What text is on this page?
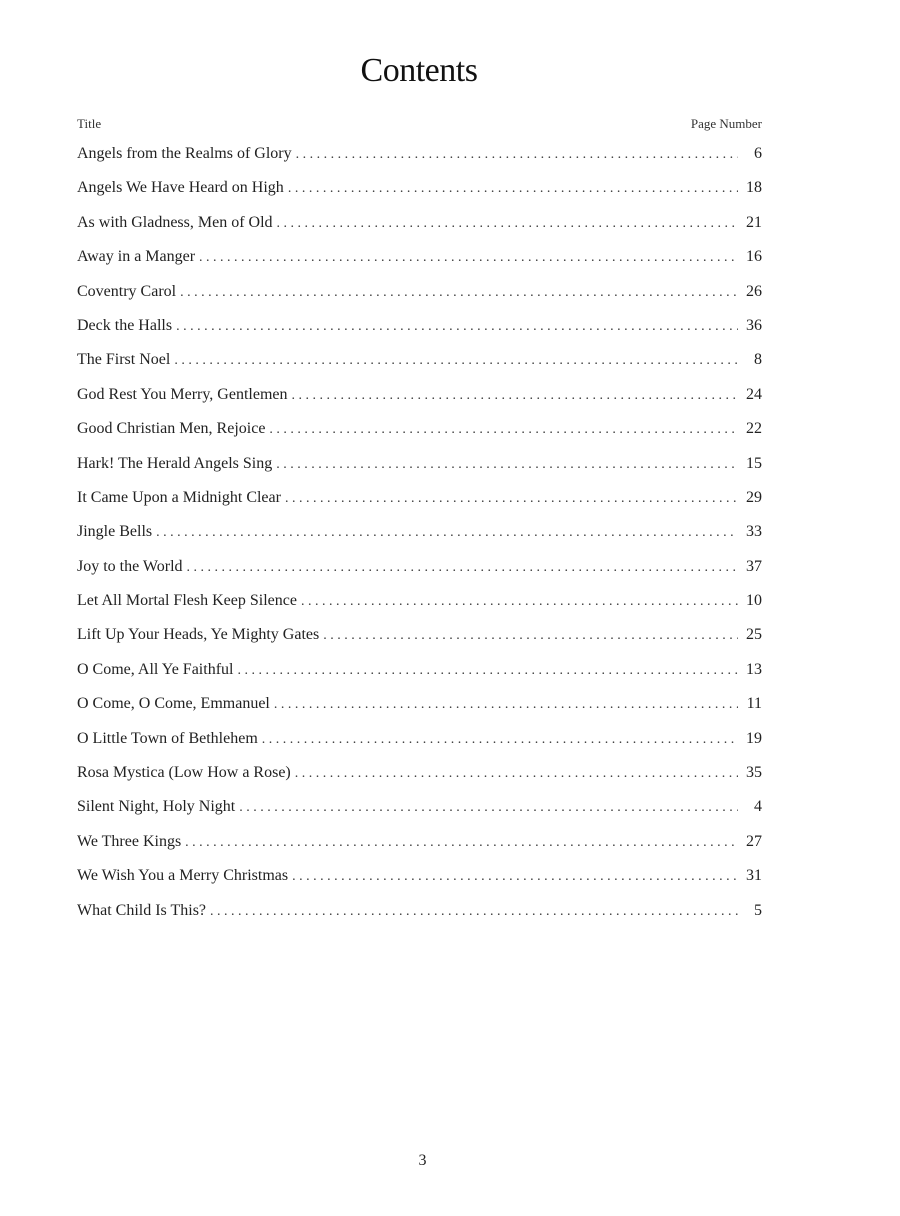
Contents
Title	Page Number
Angels from the Realms of Glory . . .	6
Angels We Have Heard on High . . .	18
As with Gladness, Men of Old . . .	21
Away in a Manger . . .	16
Coventry Carol . . .	26
Deck the Halls . . .	36
The First Noel . . .	8
God Rest You Merry, Gentlemen . . .	24
Good Christian Men, Rejoice . . .	22
Hark! The Herald Angels Sing . . .	15
It Came Upon a Midnight Clear . . .	29
Jingle Bells . . .	33
Joy to the World . . .	37
Let All Mortal Flesh Keep Silence . . .	10
Lift Up Your Heads, Ye Mighty Gates . . .	25
O Come, All Ye Faithful . . .	13
O Come, O Come, Emmanuel . . .	11
O Little Town of Bethlehem . . .	19
Rosa Mystica (Low How a Rose) . . .	35
Silent Night, Holy Night . . .	4
We Three Kings . . .	27
We Wish You a Merry Christmas . . .	31
What Child Is This? . . .	5
3
